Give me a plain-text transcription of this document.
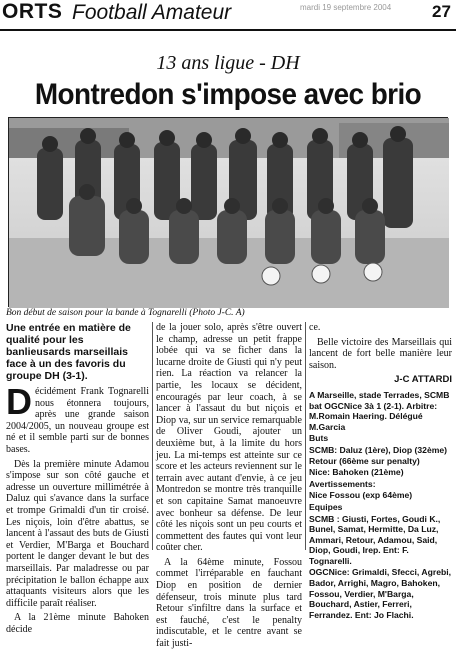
ORTS Football Amateur	mardi 19 septembre 2004 27
13 ans ligue - DH
Montredon s'impose avec brio
Bon début de saison pour la bande à Tognarelli (Photo J-C. A)
Une entrée en matière de qualité pour les banlieusards marseillais face à un des favoris du groupe DH (3-1).

Décidément Frank Tognarelli nous étonnera toujours, après une grande saison 2004/2005, un nouveau groupe est né et il semble parti sur de bonnes bases.

Dès la première minute Adamou s'impose sur son côté gauche et adresse un ouverture millimétrée à Daluz qui s'avance dans la surface et trompe Grimaldi d'un tir croisé. Les niçois, loin d'être abattus, se lancent à l'assaut des buts de Giusti et Verdier, M'Barga et Bouchard portent le danger devant le but des marseillais. Par maladresse ou par précipitation le ballon échappe aux attaquants visiteurs alors que les difficile paraît réaliser.

A la 21ème minute Bahoken décide

de la jouer solo, après s'être ouvert le champ, adresse un petit frappe lobée qui va se ficher dans la lucarne droite de Giusti qui n'y peut rien. La réaction va relancer la partie, les locaux se décident, encouragés par leur coach, à se lancer à l'assaut du but niçois et Diop va, sur un service remarquable de Oliver Goudi, ajouter un deuxième but, à la limite du hors jeu. La mi-temps est atteinte sur ce score et les acteurs reviennent sur le terrain avec autant d'envie, à ce jeu Montredon se montre très tranquille et son capitaine Samat manoeuvre avec bonheur sa défense. De leur côté les niçois sont un peu courts et commettent des fautes qui vont leur coûter cher.

A la 64ème minute, Fossou commet l'irréparable en fauchant Diop en position de dernier défenseur, trois minute plus tard Retour s'infiltre dans la surface et est fauché, c'est le penalty indiscutable, et le centre avant se fait justi-

ce.

Belle victoire des Marseillais qui lancent de fort belle manière leur saison.

J-C ATTARDI

A Marseille, stade Terrades, SCMB bat OGCNice 3à 1 (2-1). Arbitre: M.Romain Haering. Délégué M.Garcia

Buts

SCMB: Daluz (1ère), Diop (32ème) Retour (66ème sur penalty)

Nice: Bahoken (21ème)

Avertissements:

Nice Fossou (exp 64ème)

Equipes

SCMB : Giusti, Fortes, Goudi K., Bunel, Samat, Hermitte, Da Luz, Ammari, Retour, Adamou, Said, Diop, Goudi, Irep. Ent: F. Tognarelli.

OGCNice: Grimaldi, Sfecci, Agrebi, Bador, Arrighi, Magro, Bahoken, Fossou, Verdier, M'Barga, Bouchard, Astier, Ferreri, Ferrandez. Ent: Jo Flachi.
